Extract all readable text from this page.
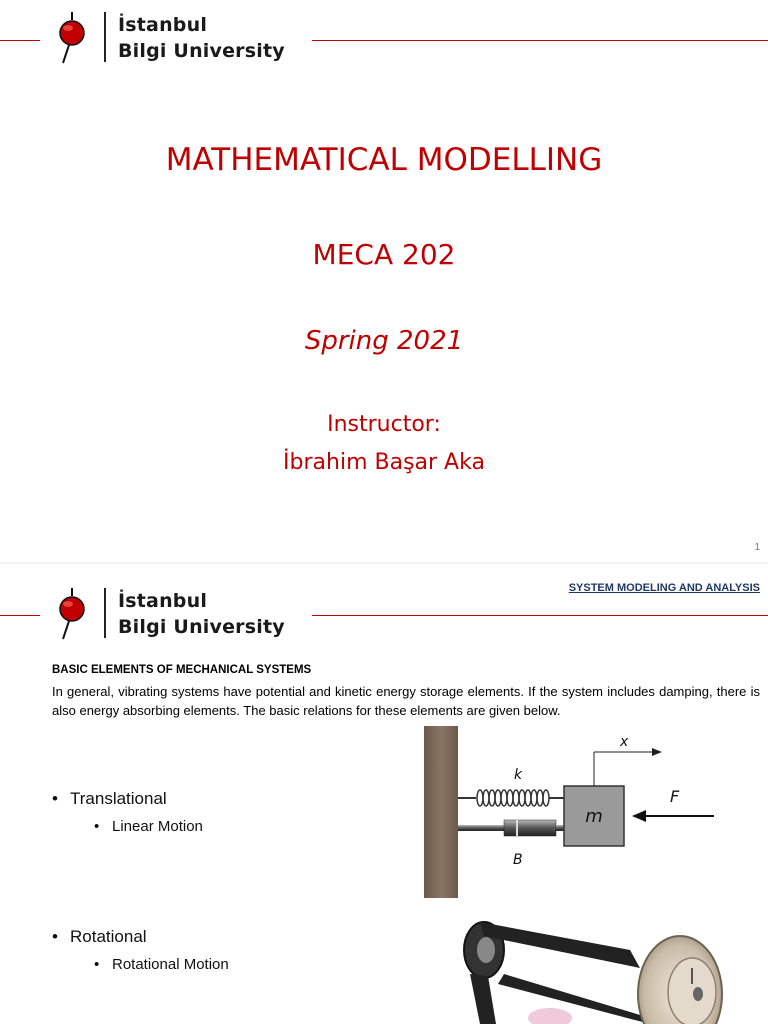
İstanbul
Bilgi University
MATHEMATICAL MODELLING
MECA 202
Spring 2021
Instructor:
İbrahim Başar Aka
1
SYSTEM MODELING AND ANALYSIS
İstanbul
Bilgi University
BASIC ELEMENTS OF MECHANICAL SYSTEMS
In general, vibrating systems have potential and kinetic energy storage elements. If the system includes damping, there is also energy absorbing elements. The basic relations for these elements are given below.
• Translational
• Linear Motion
• Rotational
• Rotational Motion
k
B
m
x
F
